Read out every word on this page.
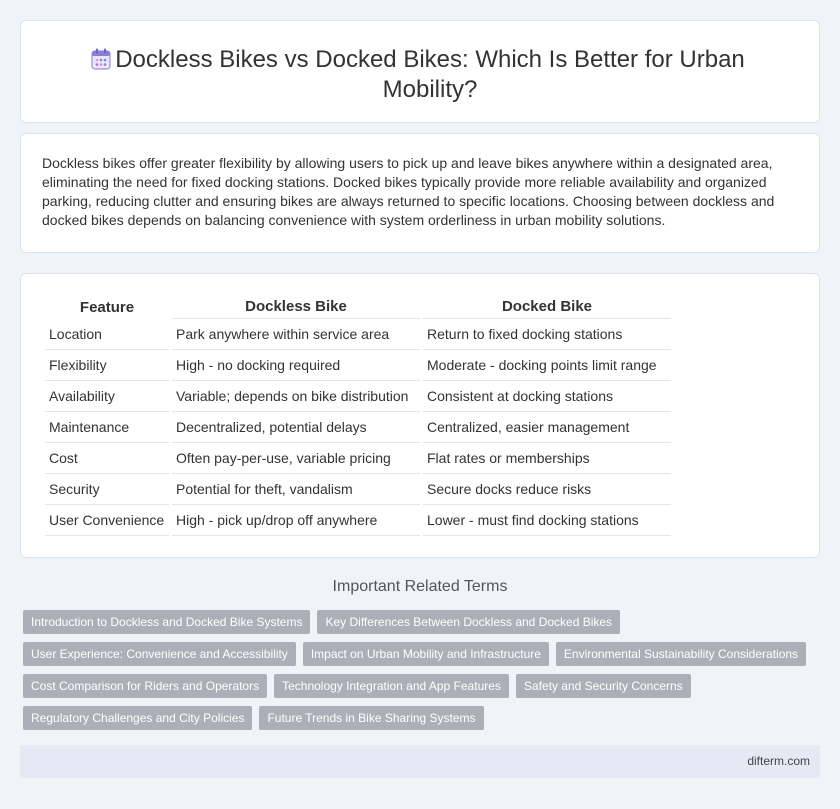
Dockless Bikes vs Docked Bikes: Which Is Better for Urban Mobility?

Dockless bikes offer greater flexibility by allowing users to pick up and leave bikes anywhere within a designated area, eliminating the need for fixed docking stations. Docked bikes typically provide more reliable availability and organized parking, reducing clutter and ensuring bikes are always returned to specific locations. Choosing between dockless and docked bikes depends on balancing convenience with system orderliness in urban mobility solutions.

Feature	Dockless Bike	Docked Bike
Location	Park anywhere within service area	Return to fixed docking stations
Flexibility	High - no docking required	Moderate - docking points limit range
Availability	Variable; depends on bike distribution	Consistent at docking stations
Maintenance	Decentralized, potential delays	Centralized, easier management
Cost	Often pay-per-use, variable pricing	Flat rates or memberships
Security	Potential for theft, vandalism	Secure docks reduce risks
User Convenience	High - pick up/drop off anywhere	Lower - must find docking stations
Important Related Terms
Introduction to Dockless and Docked Bike Systems	Key Differences Between Dockless and Docked Bikes
User Experience: Convenience and Accessibility	Impact on Urban Mobility and Infrastructure	Environmental Sustainability Considerations
Cost Comparison for Riders and Operators	Technology Integration and App Features	Safety and Security Concerns
Regulatory Challenges and City Policies	Future Trends in Bike Sharing Systems
difterm.com
